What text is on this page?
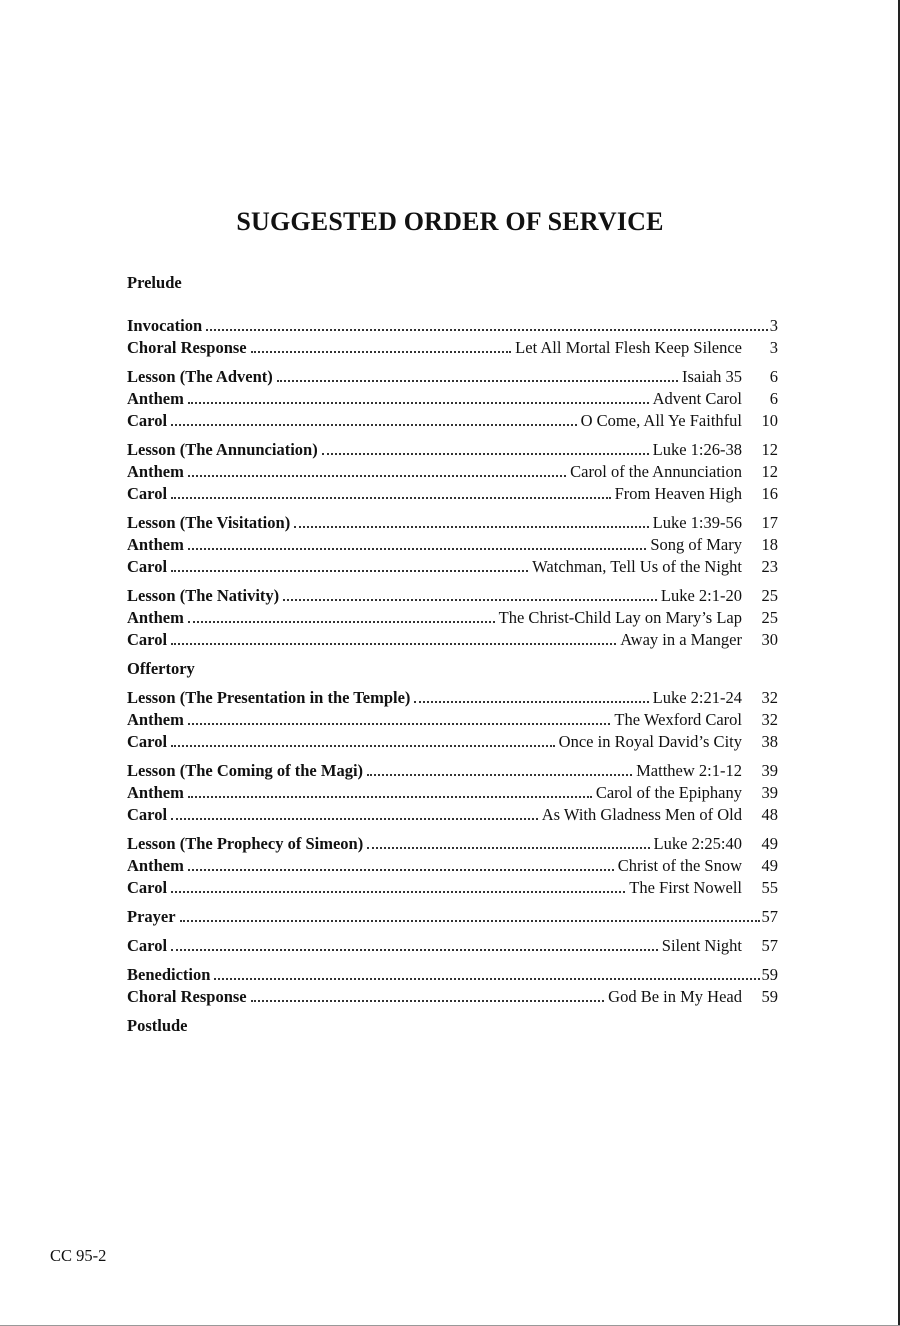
SUGGESTED ORDER OF SERVICE
Prelude
Invocation	3
Choral Response	Let All Mortal Flesh Keep Silence	3
Lesson (The Advent)	Isaiah 35	6
Anthem	Advent Carol	6
Carol	O Come, All Ye Faithful	10
Lesson (The Annunciation)	Luke 1:26-38	12
Anthem	Carol of the Annunciation	12
Carol	From Heaven High	16
Lesson (The Visitation)	Luke 1:39-56	17
Anthem	Song of Mary	18
Carol	Watchman, Tell Us of the Night	23
Lesson (The Nativity)	Luke 2:1-20	25
Anthem	The Christ-Child Lay on Mary’s Lap	25
Carol	Away in a Manger	30
Offertory
Lesson (The Presentation in the Temple)	Luke 2:21-24	32
Anthem	The Wexford Carol	32
Carol	Once in Royal David’s City	38
Lesson (The Coming of the Magi)	Matthew 2:1-12	39
Anthem	Carol of the Epiphany	39
Carol	As With Gladness Men of Old	48
Lesson (The Prophecy of Simeon)	Luke 2:25:40	49
Anthem	Christ of the Snow	49
Carol	The First Nowell	55
Prayer	57
Carol	Silent Night	57
Benediction	59
Choral Response	God Be in My Head	59
Postlude
CC 95-2
